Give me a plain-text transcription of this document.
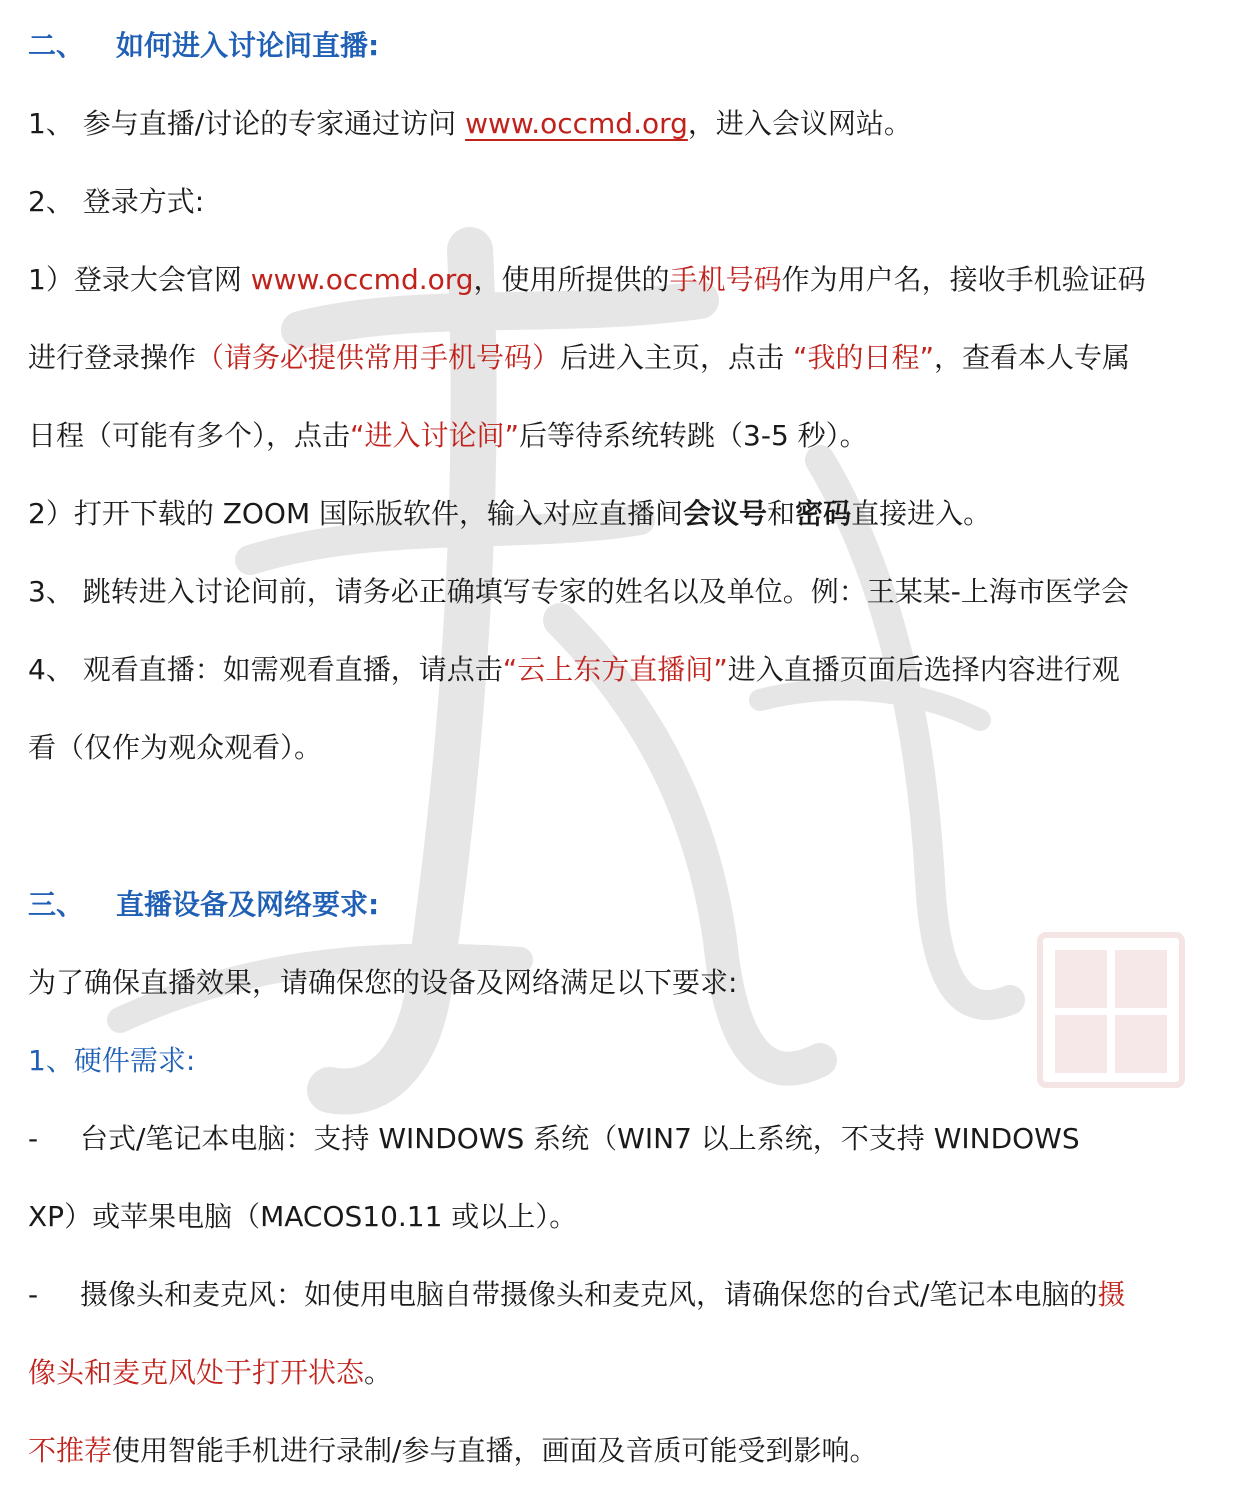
二、 如何进入讨论间直播:
1、 参与直播/讨论的专家通过访问 www.occmd.org，进入会议网站。
2、 登录方式:
1）登录大会官网 www.occmd.org，使用所提供的手机号码作为用户名，接收手机验证码
进行登录操作（请务必提供常用手机号码）后进入主页，点击 “我的日程”，查看本人专属
日程（可能有多个），点击“进入讨论间”后等待系统转跳（3-5 秒）。
2）打开下载的 ZOOM 国际版软件，输入对应直播间会议号和密码直接进入。
3、 跳转进入讨论间前，请务必正确填写专家的姓名以及单位。例：王某某-上海市医学会
4、 观看直播：如需观看直播，请点击“云上东方直播间”进入直播页面后选择内容进行观
看（仅作为观众观看）。
三、 直播设备及网络要求:
为了确保直播效果，请确保您的设备及网络满足以下要求:
1、硬件需求:
- 台式/笔记本电脑：支持 WINDOWS 系统（WIN7 以上系统，不支持 WINDOWS
XP）或苹果电脑（MACOS10.11 或以上）。
- 摄像头和麦克风：如使用电脑自带摄像头和麦克风，请确保您的台式/笔记本电脑的摄
像头和麦克风处于打开状态。
不推荐使用智能手机进行录制/参与直播，画面及音质可能受到影响。
